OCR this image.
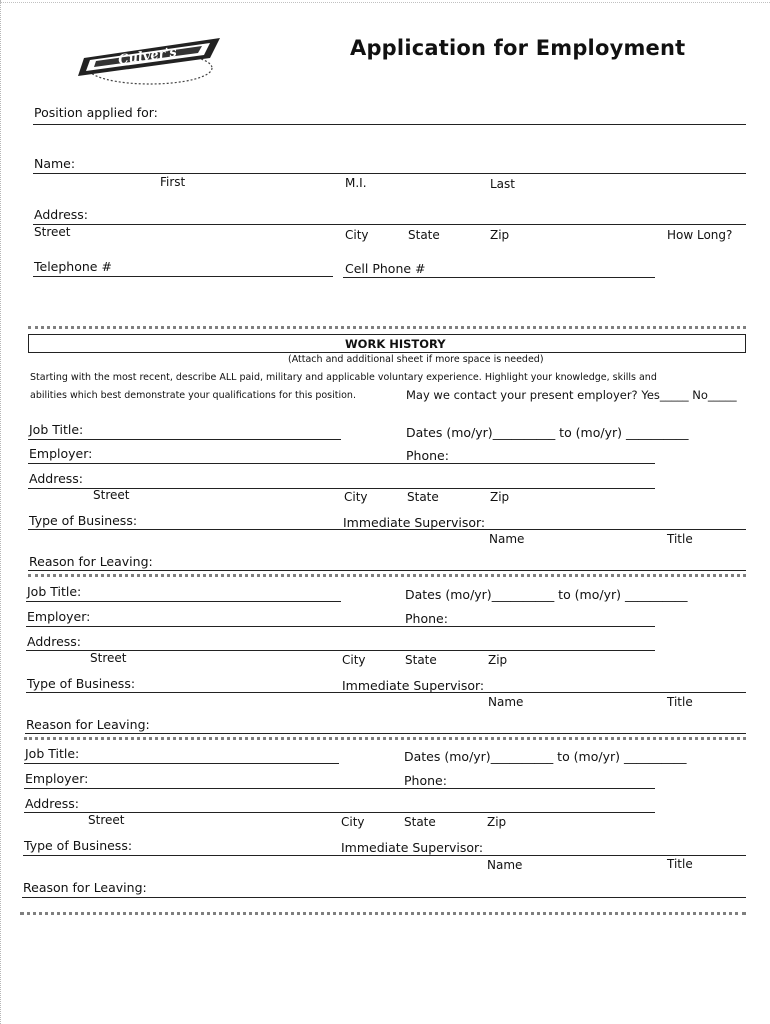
Culver's	Application for Employment
Position applied for:
Name:
First	M.I.	Last
Address:
Street	City	State	Zip	How Long?
Telephone #	Cell Phone #
WORK HISTORY
(Attach and additional sheet if more space is needed)
Starting with the most recent, describe ALL paid, military and applicable voluntary experience. Highlight your knowledge, skills and
abilities which best demonstrate your qualifications for this position.	May we contact your present employer? Yes_____ No_____
Job Title:	Dates (mo/yr)__________ to (mo/yr) __________
Employer:	Phone:
Address:
Street	City	State	Zip
Type of Business:	Immediate Supervisor:
Name	Title
Reason for Leaving:
Job Title:	Dates (mo/yr)__________ to (mo/yr) __________
Employer:	Phone:
Address:
Street	City	State	Zip
Type of Business:	Immediate Supervisor:
Name	Title
Reason for Leaving:
Job Title:	Dates (mo/yr)__________ to (mo/yr) __________
Employer:	Phone:
Address:
Street	City	State	Zip
Type of Business:	Immediate Supervisor:
Name	Title
Reason for Leaving:
